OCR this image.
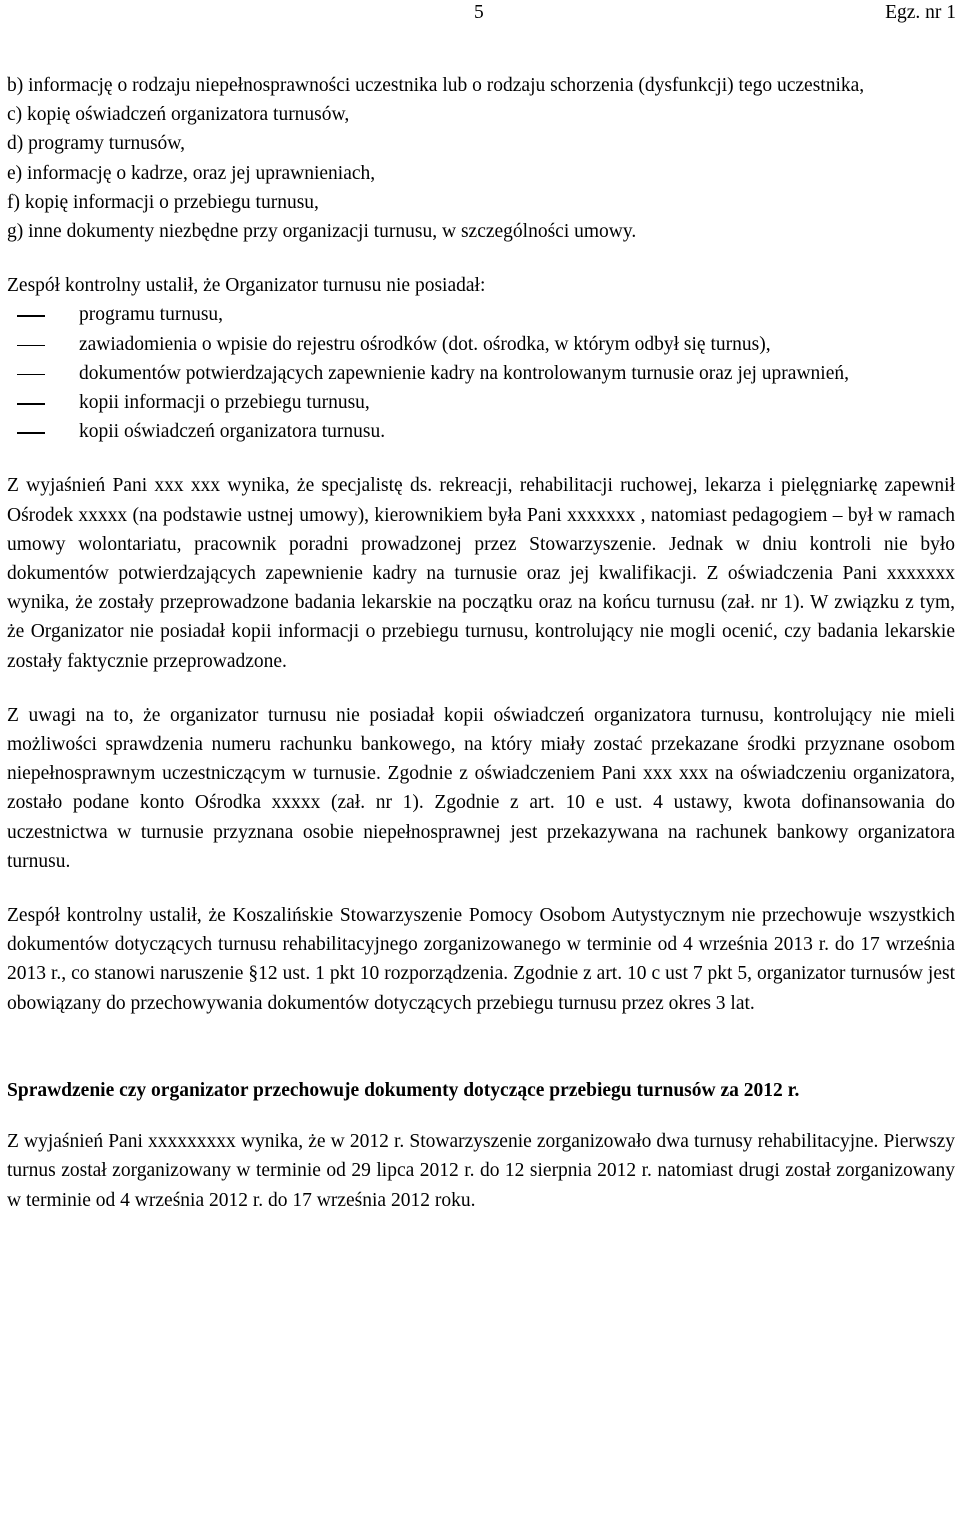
5	Egz. nr 1

b) informację o rodzaju niepełnosprawności uczestnika lub o rodzaju schorzenia (dysfunkcji) tego uczestnika,

c) kopię oświadczeń organizatora turnusów,

d) programy turnusów,

e) informację o kadrze, oraz jej uprawnieniach,

f) kopię informacji o przebiegu turnusu,

g) inne dokumenty niezbędne przy organizacji turnusu, w szczególności umowy.

Zespół kontrolny ustalił, że Organizator turnusu nie posiadał:

programu turnusu,
zawiadomienia o wpisie do rejestru ośrodków (dot. ośrodka, w którym odbył się turnus),
dokumentów potwierdzających zapewnienie kadry na kontrolowanym turnusie oraz jej uprawnień,
kopii informacji o przebiegu turnusu,
kopii oświadczeń organizatora turnusu.

Z wyjaśnień Pani xxx xxx wynika, że specjalistę ds. rekreacji, rehabilitacji ruchowej, lekarza i pielęgniarkę zapewnił Ośrodek xxxxx (na podstawie ustnej umowy), kierownikiem była Pani xxxxxxx , natomiast pedagogiem – był w ramach umowy wolontariatu, pracownik poradni prowadzonej przez Stowarzyszenie. Jednak w dniu kontroli nie było dokumentów potwierdzających zapewnienie kadry na turnusie oraz jej kwalifikacji. Z oświadczenia Pani xxxxxxx wynika, że zostały przeprowadzone badania lekarskie na początku oraz na końcu turnusu (zał. nr 1). W związku z tym, że Organizator nie posiadał kopii informacji o przebiegu turnusu, kontrolujący nie mogli ocenić, czy badania lekarskie zostały faktycznie przeprowadzone.

Z uwagi na to, że organizator turnusu nie posiadał kopii oświadczeń organizatora turnusu, kontrolujący nie mieli możliwości sprawdzenia numeru rachunku bankowego, na który miały zostać przekazane środki przyznane osobom niepełnosprawnym uczestniczącym w turnusie. Zgodnie z oświadczeniem Pani xxx xxx na oświadczeniu organizatora, zostało podane konto Ośrodka xxxxx (zał. nr 1). Zgodnie z art. 10 e ust. 4 ustawy, kwota dofinansowania do uczestnictwa w turnusie przyznana osobie niepełnosprawnej jest przekazywana na rachunek bankowy organizatora turnusu.

Zespół kontrolny ustalił, że Koszalińskie Stowarzyszenie Pomocy Osobom Autystycznym nie przechowuje wszystkich dokumentów dotyczących turnusu rehabilitacyjnego zorganizowanego w terminie od 4 września 2013 r. do 17 września 2013 r., co stanowi naruszenie §12 ust. 1 pkt 10 rozporządzenia. Zgodnie z art. 10 c ust 7 pkt 5, organizator turnusów jest obowiązany do przechowywania dokumentów dotyczących przebiegu turnusu przez okres 3 lat.

Sprawdzenie czy organizator przechowuje dokumenty dotyczące przebiegu turnusów za 2012 r.

Z wyjaśnień Pani xxxxxxxxx wynika, że w 2012 r. Stowarzyszenie zorganizowało dwa turnusy rehabilitacyjne. Pierwszy turnus został zorganizowany w terminie od 29 lipca 2012 r. do 12 sierpnia 2012 r. natomiast drugi został zorganizowany w terminie od 4 września 2012 r. do 17 września 2012 roku.
